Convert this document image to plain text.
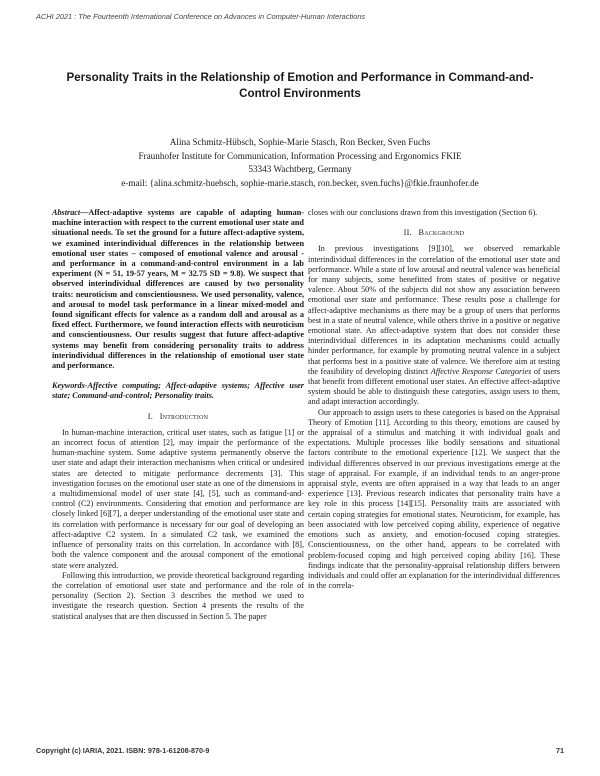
ACHI 2021 : The Fourteenth International Conference on Advances in Computer-Human Interactions
Personality Traits in the Relationship of Emotion and Performance in Command-and-Control Environments
Alina Schmitz-Hübsch, Sophie-Marie Stasch, Ron Becker, Sven Fuchs
Fraunhofer Institute for Communication, Information Processing and Ergonomics FKIE
53343 Wachtberg, Germany
e-mail: {alina.schmitz-huebsch, sophie-marie.stasch, ron.becker, sven.fuchs}@fkie.fraunhofer.de

Abstract—Affect-adaptive systems are capable of adapting human-machine interaction with respect to the current emotional user state and situational needs. To set the ground for a future affect-adaptive system, we examined interindividual differences in the relationship between emotional user states – composed of emotional valence and arousal - and performance in a command-and-control environment in a lab experiment (N = 51, 19-57 years, M = 32.75 SD = 9.8). We suspect that observed interindividual differences are caused by two personality traits: neuroticism and conscientiousness. We used personality, valence, and arousal to model task performance in a linear mixed-model and found significant effects for valence as a random doll and arousal as a fixed effect. Furthermore, we found interaction effects with neuroticism and conscientiousness. Our results suggest that future affect-adaptive systems may benefit from considering personality traits to address interindividual differences in the relationship of emotional user state and performance.

Keywords-Affective computing; Affect-adaptive systems; Affective user state; Command-and-control; Personality traits.

I. Introduction

In human-machine interaction, critical user states, such as fatigue [1] or an incorrect focus of attention [2], may impair the performance of the human-machine system. Some adaptive systems permanently observe the user state and adapt their interaction mechanisms when critical or undesired states are detected to mitigate performance decrements [3]. This investigation focuses on the emotional user state as one of the dimensions in a multidimensional model of user state [4], [5], such as command-and-control (C2) environments. Considering that emotion and performance are closely linked [6][7], a deeper understanding of the emotional user state and its correlation with performance is necessary for our goal of developing an affect-adaptive C2 system. In a simulated C2 task, we examined the influence of personality traits on this correlation. In accordance with [8], both the valence component and the arousal component of the emotional state were analyzed.

Following this introduction, we provide theoretical background regarding the correlation of emotional user state and performance and the role of personality (Section 2). Section 3 describes the method we used to investigate the research question. Section 4 presents the results of the statistical analyses that are then discussed in Section 5. The paper

closes with our conclusions drawn from this investigation (Section 6).

II. Background

In previous investigations [9][10], we observed remarkable interindividual differences in the correlation of the emotional user state and performance. While a state of low arousal and neutral valence was beneficial for many subjects, some benefitted from states of positive or negative valence. About 50% of the subjects did not show any association between emotional user state and performance. These results pose a challenge for affect-adaptive mechanisms as there may be a group of users that performs best in a state of neutral valence, while others thrive in a positive or negative emotional state. An affect-adaptive system that does not consider these interindividual differences in its adaptation mechanisms could actually hinder performance, for example by promoting neutral valence in a subject that performs best in a positive state of valence. We therefore aim at testing the feasibility of developing distinct Affective Response Categories of users that benefit from different emotional user states. An effective affect-adaptive system should be able to distinguish these categories, assign users to them, and adapt interaction accordingly.

Our approach to assign users to these categories is based on the Appraisal Theory of Emotion [11]. According to this theory, emotions are caused by the appraisal of a stimulus and matching it with individual goals and expectations. Multiple processes like bodily sensations and situational factors contribute to the emotional experience [12]. We suspect that the individual differences observed in our previous investigations emerge at the stage of appraisal. For example, if an individual tends to an anger-prone appraisal style, events are often appraised in a way that leads to an anger experience [13]. Previous research indicates that personality traits have a key role in this process [14][15]. Personality traits are associated with certain coping strategies for emotional states. Neuroticism, for example, has been associated with low perceived coping ability, experience of negative emotions such as anxiety, and emotion-focused coping strategies. Conscientiousness, on the other hand, appears to be correlated with problem-focused coping and high perceived coping ability [16]. These findings indicate that the personality-appraisal relationship differs between individuals and could offer an explanation for the interindividual differences in the correla-

Copyright (c) IARIA, 2021. ISBN: 978-1-61208-870-9	71
